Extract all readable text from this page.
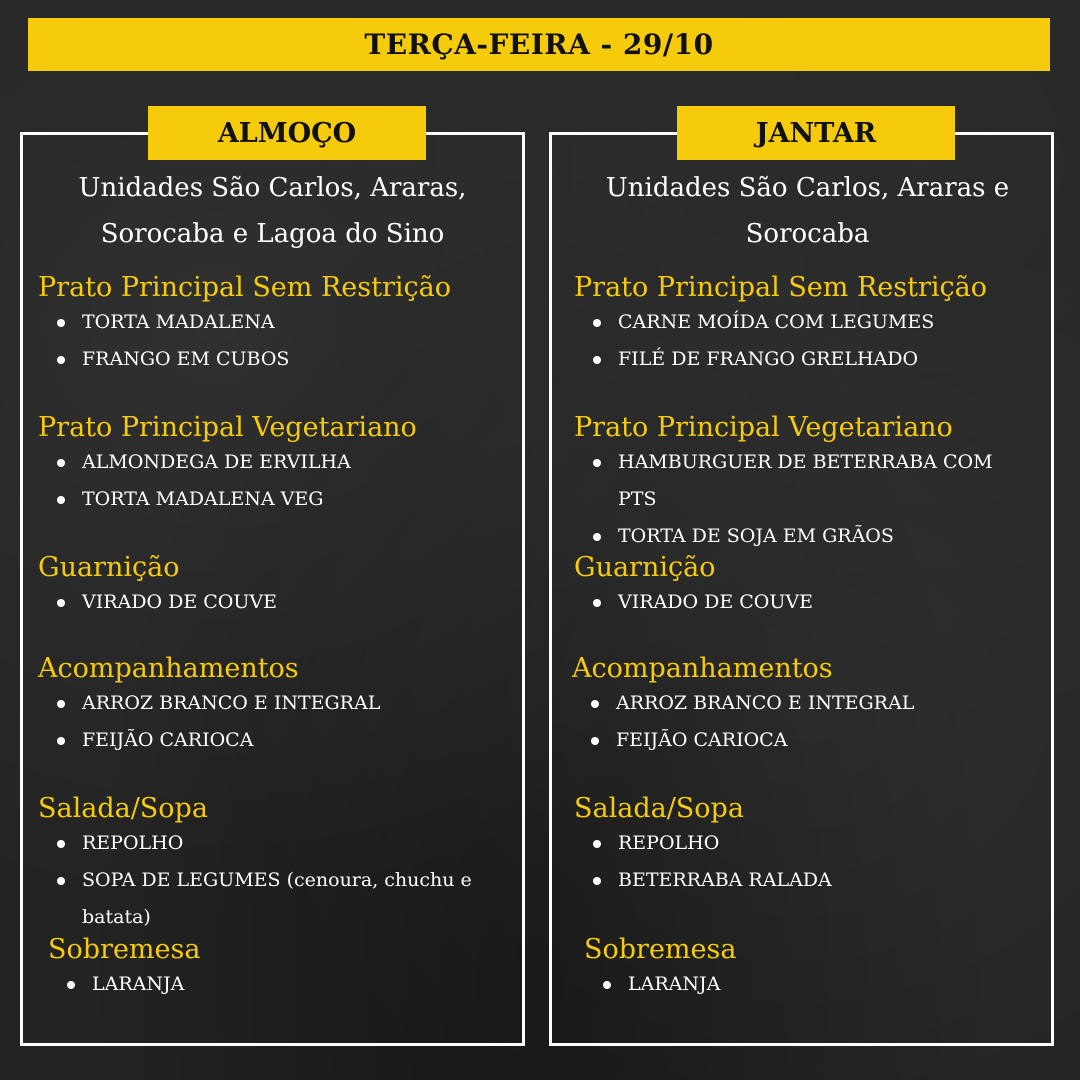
TERÇA-FEIRA - 29/10
ALMOÇO	JANTAR
Unidades São Carlos, Araras,
Sorocaba e Lagoa do Sino
Unidades São Carlos, Araras e
Sorocaba
Prato Principal Sem Restrição
TORTA MADALENA
FRANGO EM CUBOS
Prato Principal Vegetariano
ALMONDEGA DE ERVILHA
TORTA MADALENA VEG
Guarnição
VIRADO DE COUVE
Acompanhamentos
ARROZ BRANCO E INTEGRAL
FEIJÃO CARIOCA
Salada/Sopa
REPOLHO
SOPA DE LEGUMES (cenoura, chuchu e
batata)
Sobremesa
LARANJA
Prato Principal Sem Restrição
CARNE MOÍDA COM LEGUMES
FILÉ DE FRANGO GRELHADO
Prato Principal Vegetariano
HAMBURGUER DE BETERRABA COM
PTS
TORTA DE SOJA EM GRÃOS
Guarnição
VIRADO DE COUVE
Acompanhamentos
ARROZ BRANCO E INTEGRAL
FEIJÃO CARIOCA
Salada/Sopa
REPOLHO
BETERRABA RALADA
Sobremesa
LARANJA
